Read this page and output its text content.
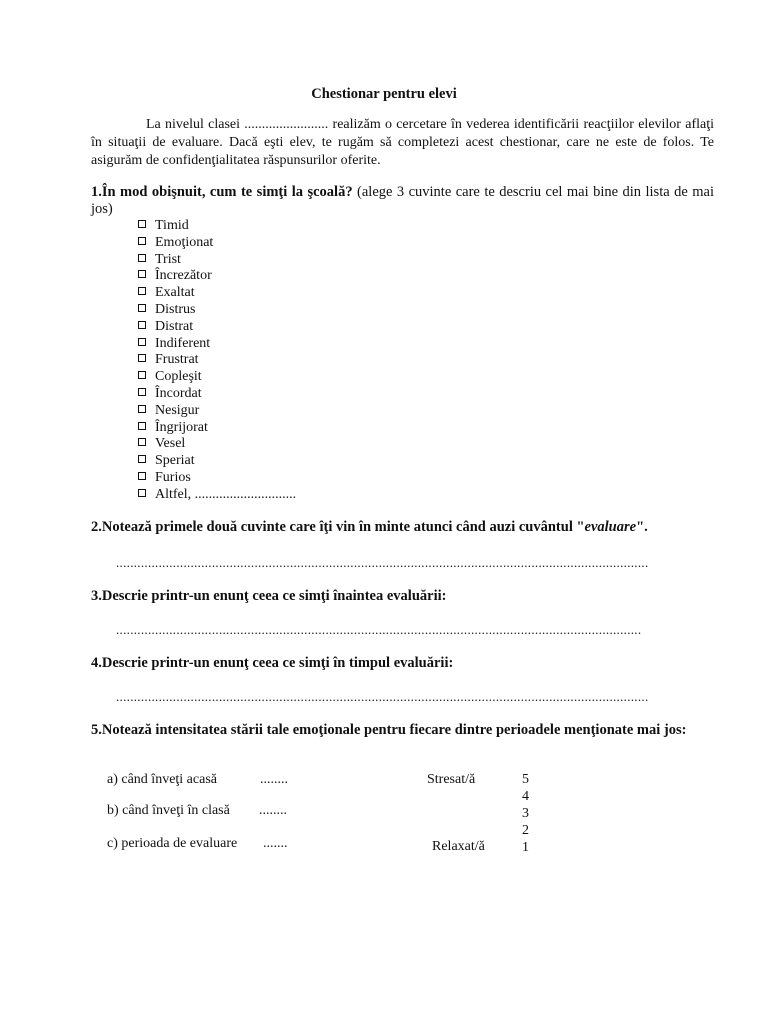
Chestionar pentru elevi
La nivelul clasei ........................ realizăm o cercetare în vederea identificării reacţiilor elevilor aflaţi în situaţii de evaluare. Dacă eşti elev, te rugăm să completezi acest chestionar, care ne este de folos. Te asigurăm de confidenţialitatea răspunsurilor oferite.
1.În mod obişnuit, cum te simţi la şcoală? (alege 3 cuvinte care te descriu cel mai bine din lista de mai jos)
Timid
Emoţionat
Trist
Încrezător
Exaltat
Distrus
Distrat
Indiferent
Frustrat
Copleşit
Încordat
Nesigur
Îngrijorat
Vesel
Speriat
Furios
Altfel, .............................
2.Notează primele două cuvinte care îţi vin în minte atunci când auzi cuvântul "evaluare".
......................................................................................................................................................
3.Descrie printr-un enunţ ceea ce simţi înaintea evaluării:
....................................................................................................................................................
4.Descrie printr-un enunţ ceea ce simţi în timpul evaluării:
......................................................................................................................................................
5.Notează intensitatea stării tale emoţionale pentru fiecare dintre perioadele menţionate mai jos:
a) când înveţi acasă	........
b) când înveţi în clasă ........
c) perioada de evaluare .......
Stresat/ă
Relaxat/ă
5
4
3
2
1
